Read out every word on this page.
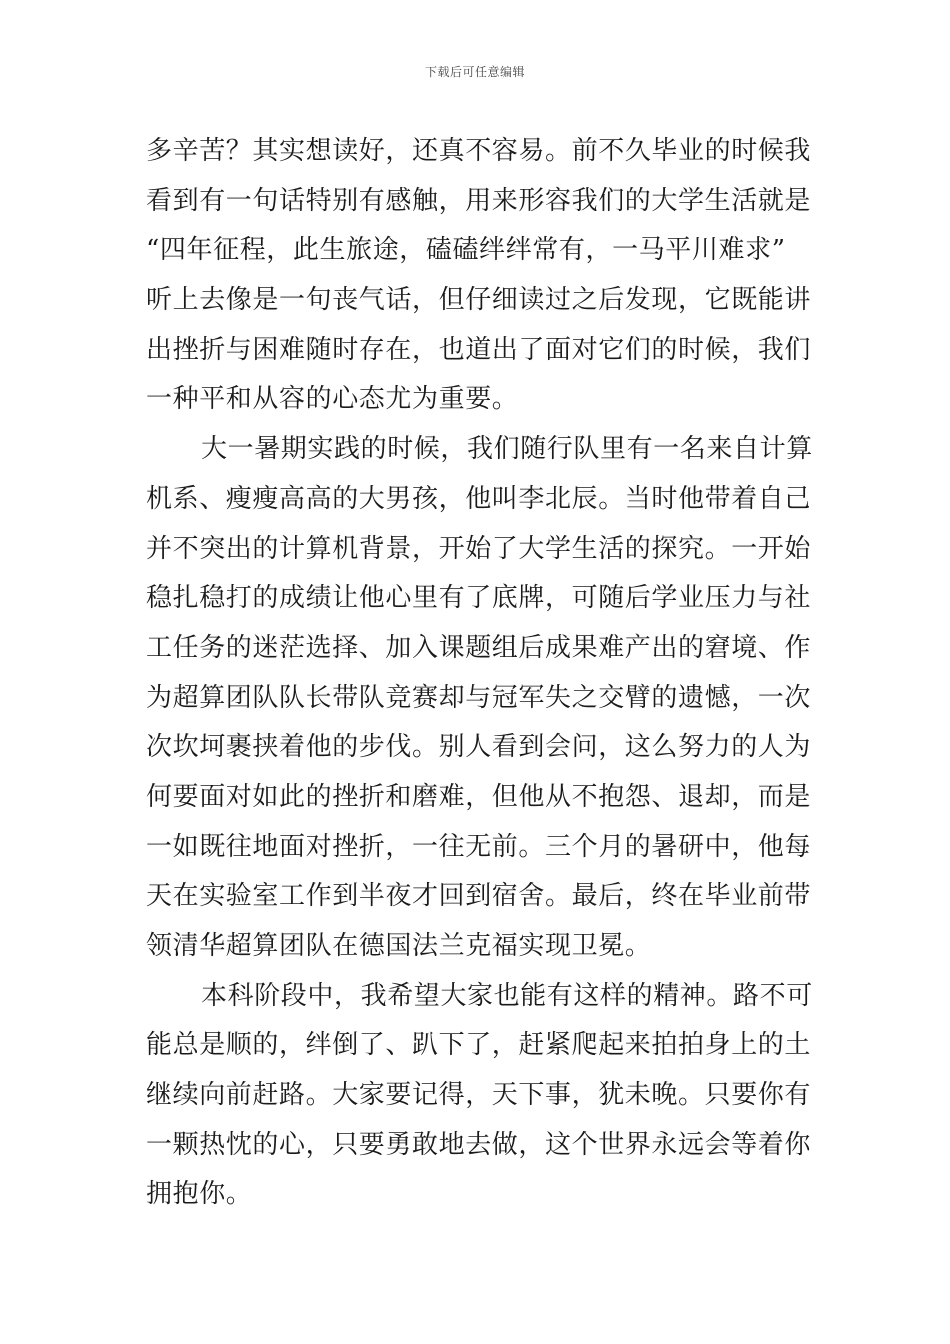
下载后可任意编辑
多辛苦？其实想读好，还真不容易。前不久毕业的时候我
看到有一句话特别有感触，用来形容我们的大学生活就是
“四年征程，此生旅途，磕磕绊绊常有，一马平川难求”
听上去像是一句丧气话，但仔细读过之后发现，它既能讲
出挫折与困难随时存在，也道出了面对它们的时候，我们
一种平和从容的心态尤为重要。
大一暑期实践的时候，我们随行队里有一名来自计算
机系、瘦瘦高高的大男孩，他叫李北辰。当时他带着自己
并不突出的计算机背景，开始了大学生活的探究。一开始
稳扎稳打的成绩让他心里有了底牌，可随后学业压力与社
工任务的迷茫选择、加入课题组后成果难产出的窘境、作
为超算团队队长带队竞赛却与冠军失之交臂的遗憾，一次
次坎坷裹挟着他的步伐。别人看到会问，这么努力的人为
何要面对如此的挫折和磨难，但他从不抱怨、退却，而是
一如既往地面对挫折，一往无前。三个月的暑研中，他每
天在实验室工作到半夜才回到宿舍。最后，终在毕业前带
领清华超算团队在德国法兰克福实现卫冕。
本科阶段中，我希望大家也能有这样的精神。路不可
能总是顺的，绊倒了、趴下了，赶紧爬起来拍拍身上的土
继续向前赶路。大家要记得，天下事，犹未晚。只要你有
一颗热忱的心，只要勇敢地去做，这个世界永远会等着你
拥抱你。
